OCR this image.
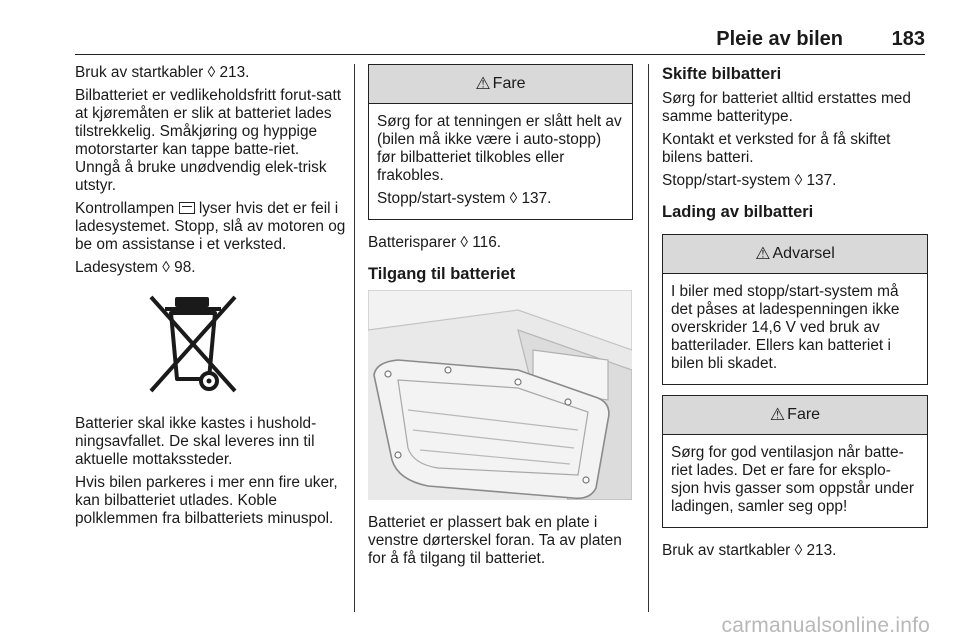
Pleie av bilen 183

Bruk av startkabler ◊ 213.

Bilbatteriet er vedlikeholdsfritt forut-satt at kjøremåten er slik at batteriet lades tilstrekkelig. Småkjøring og hyppige motorstarter kan tappe batte-riet. Unngå å bruke unødvendig elek-trisk utstyr.

Kontrollampen lyser hvis det er feil i ladesystemet. Stopp, slå av motoren og be om assistanse i et verksted.

Ladesystem ◊ 98.

Batterier skal ikke kastes i hushold-ningsavfallet. De skal leveres inn til aktuelle mottakssteder.

Hvis bilen parkeres i mer enn fire uker, kan bilbatteriet utlades. Koble polklemmen fra bilbatteriets minuspol.

⚠ Fare

Sørg for at tenningen er slått helt av (bilen må ikke være i auto-stopp) før bilbatteriet tilkobles eller frakobles.

Stopp/start-system ◊ 137.

Batterisparer ◊ 116.

Tilgang til batteriet

Batteriet er plassert bak en plate i venstre dørterskel foran. Ta av platen for å få tilgang til batteriet.

Skifte bilbatteri

Sørg for batteriet alltid erstattes med samme batteritype.

Kontakt et verksted for å få skiftet bilens batteri.

Stopp/start-system ◊ 137.

Lading av bilbatteri
⚠ Advarsel

I biler med stopp/start-system må det påses at ladespenningen ikke overskrider 14,6 V ved bruk av batterilader. Ellers kan batteriet i bilen bli skadet.

⚠ Fare

Sørg for god ventilasjon når batte-riet lades. Det er fare for eksplo-sjon hvis gasser som oppstår under ladingen, samler seg opp!

Bruk av startkabler ◊ 213.

carmanualsonline.info
